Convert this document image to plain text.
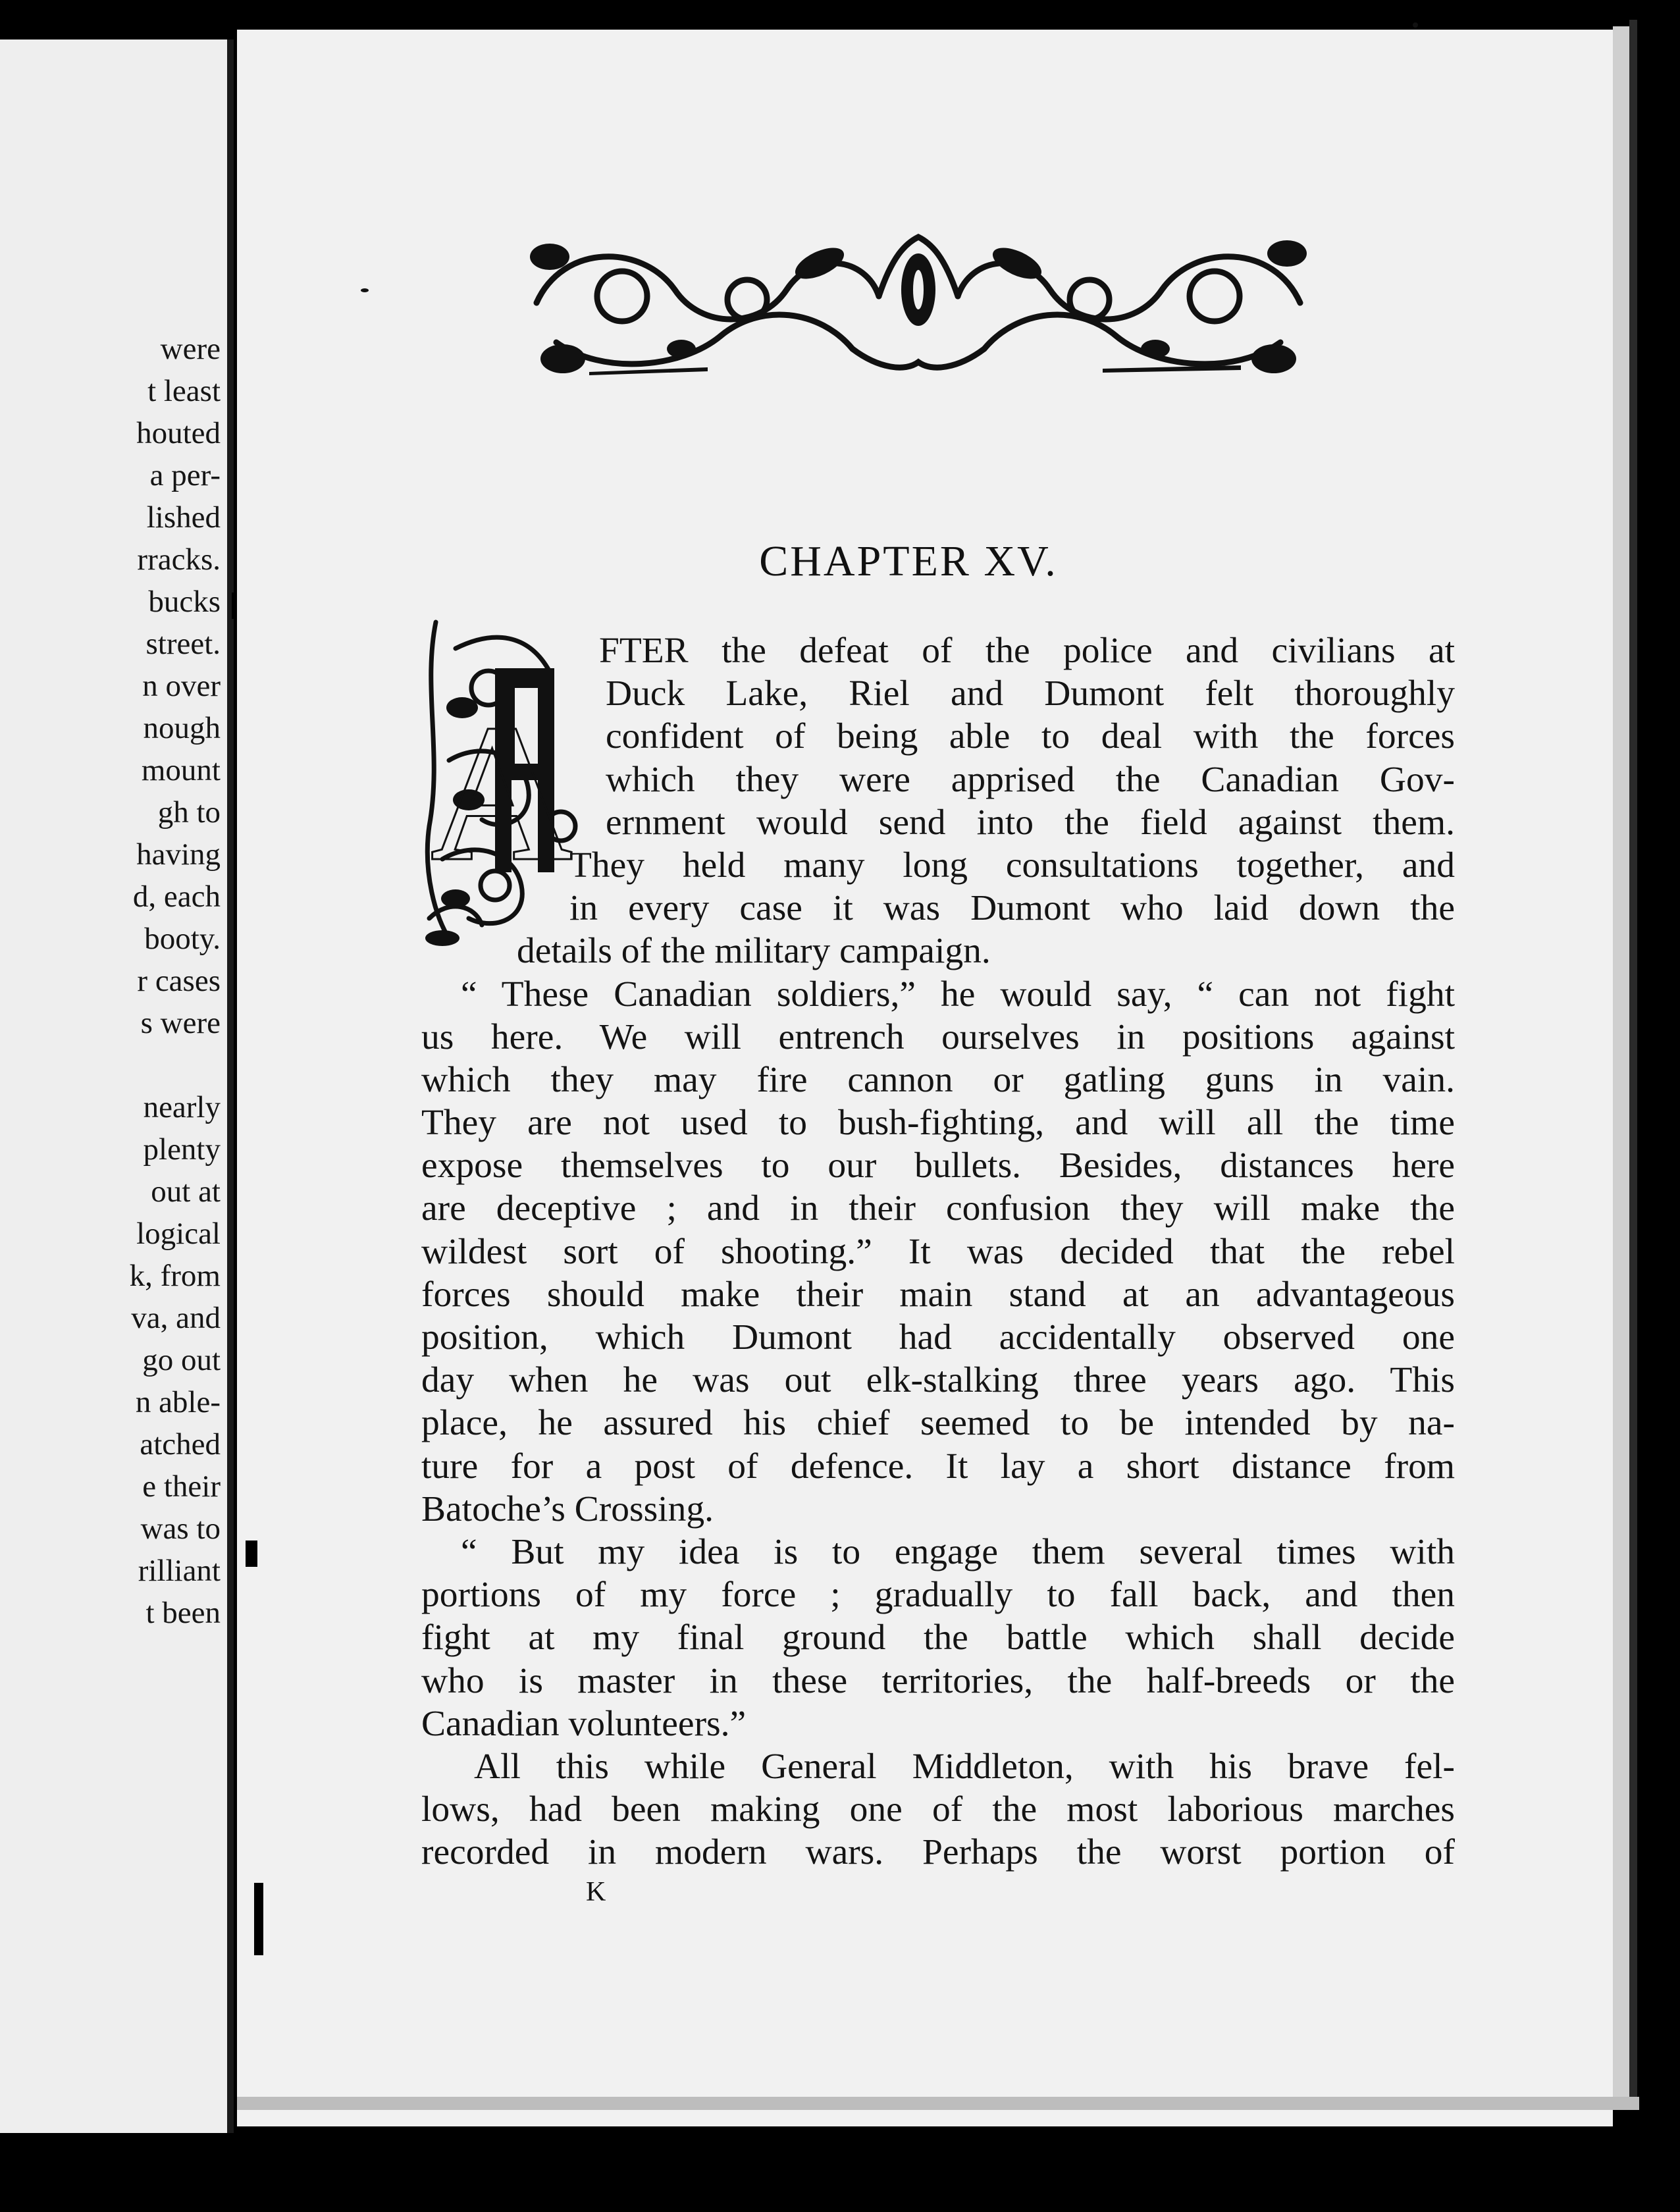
were
t least
houted
a per-
lished
rracks.
bucks
street.
n over
nough
mount
gh to
having
d, each
booty.
r cases
s were
nearly
plenty
out at
logical
k, from
va, and
go out
n able-
atched
e their
was to
rilliant
t been
CHAPTER XV.
A
FTER the defeat of the police and civilians at
Duck Lake, Riel and Dumont felt thoroughly
confident of being able to deal with the forces
which they were apprised the Canadian Gov-
ernment would send into the field against them.
They held many long consultations together, and
in every case it was Dumont who laid down the
details of the military campaign.
“ These Canadian soldiers,” he would say, “ can not fight
us here. We will entrench ourselves in positions against
which they may fire cannon or gatling guns in vain.
They are not used to bush-fighting, and will all the time
expose themselves to our bullets. Besides, distances here
are deceptive ; and in their confusion they will make the
wildest sort of shooting.” It was decided that the rebel
forces should make their main stand at an advantageous
position, which Dumont had accidentally observed one
day when he was out elk-stalking three years ago. This
place, he assured his chief seemed to be intended by na-
ture for a post of defence. It lay a short distance from
Batoche’s Crossing.
“ But my idea is to engage them several times with
portions of my force ; gradually to fall back, and then
fight at my final ground the battle which shall decide
who is master in these territories, the half-breeds or the
Canadian volunteers.”
All this while General Middleton, with his brave fel-
lows, had been making one of the most laborious marches
recorded in modern wars. Perhaps the worst portion of
K
